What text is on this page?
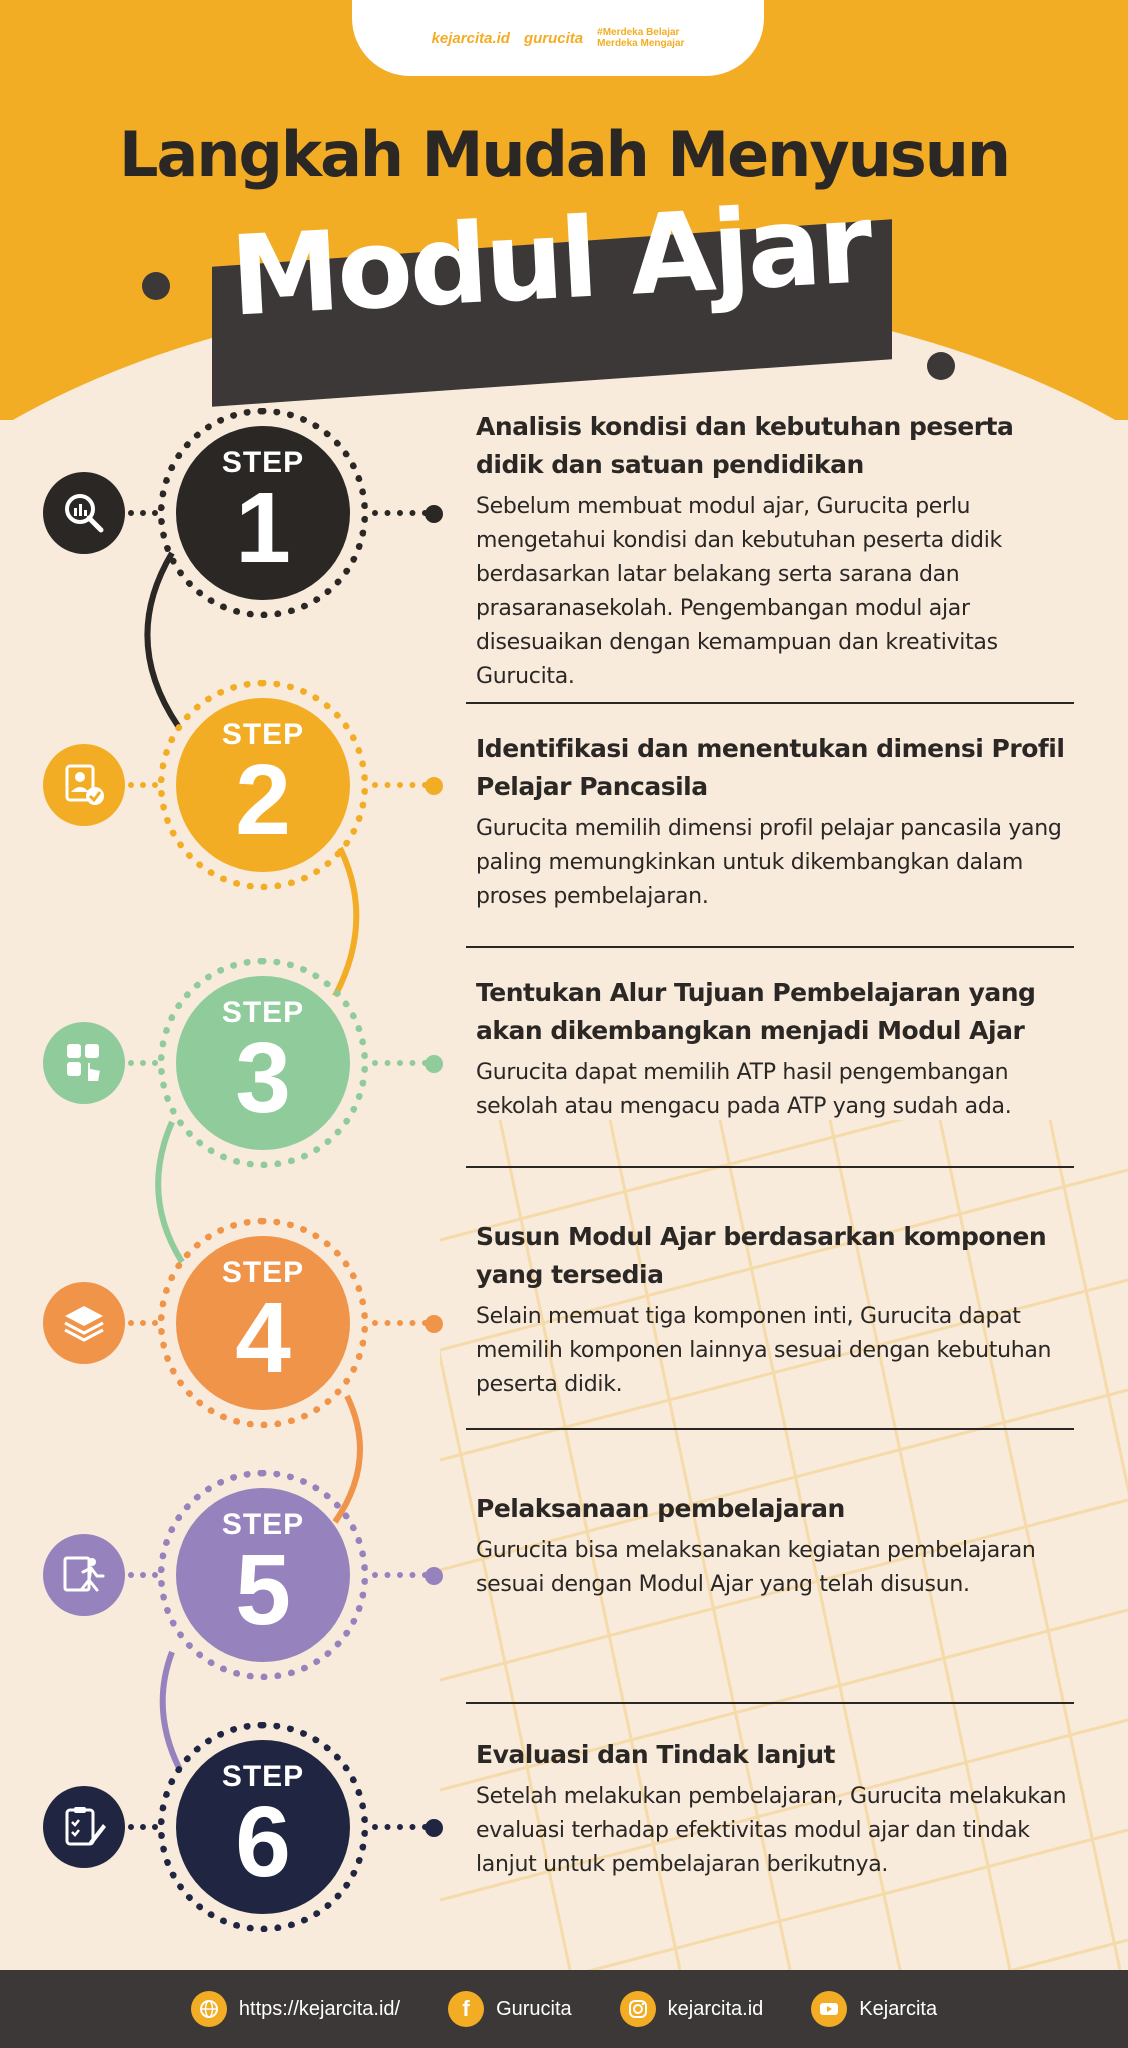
kejarcita.id gurucita #Merdeka Belajar
Merdeka Mengajar
Langkah Mudah Menyusun
Modul Ajar
STEP
1
Analisis kondisi dan kebutuhan peserta didik dan satuan pendidikan

Sebelum membuat modul ajar, Gurucita perlu mengetahui kondisi dan kebutuhan peserta didik berdasarkan latar belakang serta sarana dan prasaranasekolah. Pengembangan modul ajar disesuaikan dengan kemampuan dan kreativitas Gurucita.

STEP
2	Identifikasi dan menentukan dimensi Profil Pelajar Pancasila

Gurucita memilih dimensi profil pelajar pancasila yang paling memungkinkan untuk dikembangkan dalam proses pembelajaran.

STEP
3
Tentukan Alur Tujuan Pembelajaran yang akan dikembangkan menjadi Modul Ajar

Gurucita dapat memilih ATP hasil pengembangan sekolah atau mengacu pada ATP yang sudah ada.

STEP
4
Susun Modul Ajar berdasarkan komponen yang tersedia

Selain memuat tiga komponen inti, Gurucita dapat memilih komponen lainnya sesuai dengan kebutuhan peserta didik.

STEP
5
Pelaksanaan pembelajaran

Gurucita bisa melaksanakan kegiatan pembelajaran sesuai dengan Modul Ajar yang telah disusun.

STEP
6
Evaluasi dan Tindak lanjut

Setelah melakukan pembelajaran, Gurucita melakukan evaluasi terhadap efektivitas modul ajar dan tindak lanjut untuk pembelajaran berikutnya.

https://kejarcita.id/	f Gurucita	kejarcita.id	Kejarcita
